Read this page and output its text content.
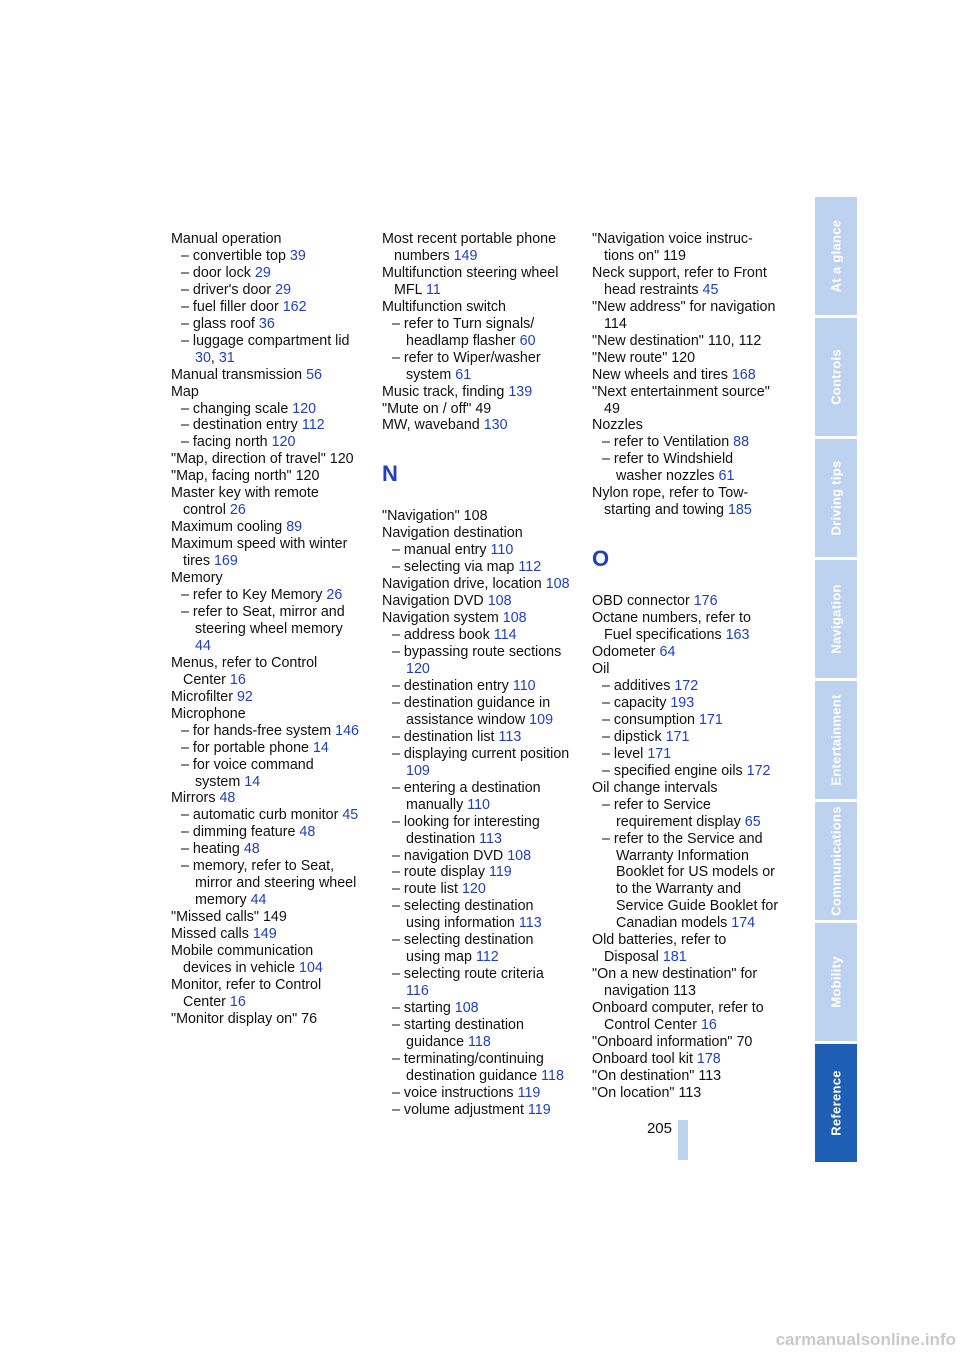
Manual operation
– convertible top 39
– door lock 29
– driver's door 29
– fuel filler door 162
– glass roof 36
– luggage compartment lid 30, 31
Manual transmission 56
Map
– changing scale 120
– destination entry 112
– facing north 120
"Map, direction of travel" 120
"Map, facing north" 120
Master key with remote control 26
Maximum cooling 89
Maximum speed with winter tires 169
Memory
– refer to Key Memory 26
– refer to Seat, mirror and steering wheel memory 44
Menus, refer to Control Center 16
Microfilter 92
Microphone
– for hands-free system 146
– for portable phone 14
– for voice command system 14
Mirrors 48
– automatic curb monitor 45
– dimming feature 48
– heating 48
– memory, refer to Seat, mirror and steering wheel memory 44
"Missed calls" 149
Missed calls 149
Mobile communication devices in vehicle 104
Monitor, refer to Control Center 16
"Monitor display on" 76
Most recent portable phone numbers 149
Multifunction steering wheel MFL 11
Multifunction switch
– refer to Turn signals/ headlamp flasher 60
– refer to Wiper/washer system 61
Music track, finding 139
"Mute on / off" 49
MW, waveband 130
N
"Navigation" 108
Navigation destination
– manual entry 110
– selecting via map 112
Navigation drive, location 108
Navigation DVD 108
Navigation system 108
– address book 114
– bypassing route sections 120
– destination entry 110
– destination guidance in assistance window 109
– destination list 113
– displaying current position 109
– entering a destination manually 110
– looking for interesting destination 113
– navigation DVD 108
– route display 119
– route list 120
– selecting destination using information 113
– selecting destination using map 112
– selecting route criteria 116
– starting 108
– starting destination guidance 118
– terminating/continuing destination guidance 118
– voice instructions 119
– volume adjustment 119
"Navigation voice instruc- tions on" 119
Neck support, refer to Front head restraints 45
"New address" for navigation 114
"New destination" 110, 112
"New route" 120
New wheels and tires 168
"Next entertainment source" 49
Nozzles
– refer to Ventilation 88
– refer to Windshield washer nozzles 61
Nylon rope, refer to Tow- starting and towing 185
O
OBD connector 176
Octane numbers, refer to Fuel specifications 163
Odometer 64
Oil
– additives 172
– capacity 193
– consumption 171
– dipstick 171
– level 171
– specified engine oils 172
Oil change intervals
– refer to Service requirement display 65
– refer to the Service and Warranty Information Booklet for US models or to the Warranty and Service Guide Booklet for Canadian models 174
Old batteries, refer to Disposal 181
"On a new destination" for navigation 113
Onboard computer, refer to Control Center 16
"Onboard information" 70
Onboard tool kit 178
"On destination" 113
"On location" 113
At a glance
Controls
Driving tips
Navigation
Entertainment
Communications
Mobility
Reference
205
carmanualsonline.info
